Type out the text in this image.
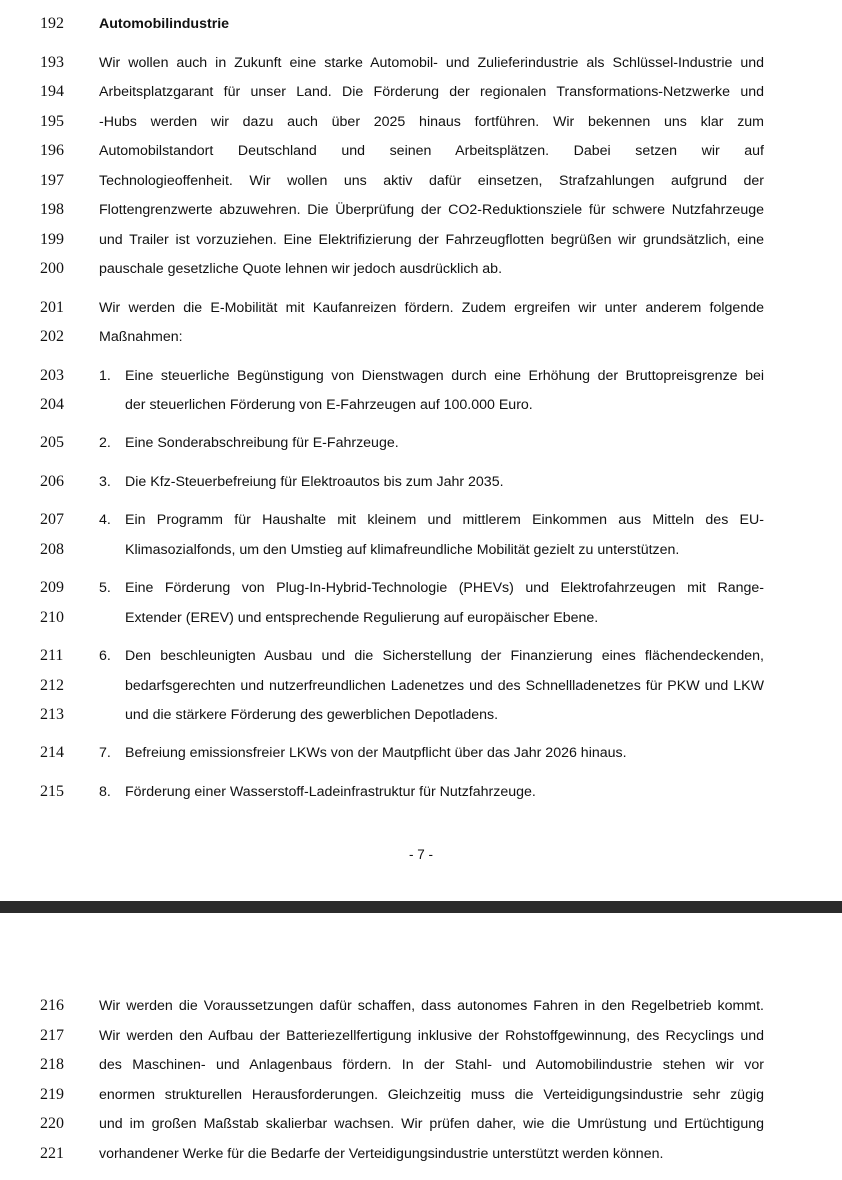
192	Automobilindustrie
193	Wir wollen auch in Zukunft eine starke Automobil- und Zulieferindustrie als Schlüssel-Industrie und
194	Arbeitsplatzgarant für unser Land. Die Förderung der regionalen Transformations-Netzwerke und
195	-Hubs werden wir dazu auch über 2025 hinaus fortführen. Wir bekennen uns klar zum
196	Automobilstandort Deutschland und seinen Arbeitsplätzen. Dabei setzen wir auf
197	Technologieoffenheit. Wir wollen uns aktiv dafür einsetzen, Strafzahlungen aufgrund der
198	Flottengrenzwerte abzuwehren. Die Überprüfung der CO2-Reduktionsziele für schwere Nutzfahrzeuge
199	und Trailer ist vorzuziehen. Eine Elektrifizierung der Fahrzeugflotten begrüßen wir grundsätzlich, eine
200	pauschale gesetzliche Quote lehnen wir jedoch ausdrücklich ab.
201	Wir werden die E-Mobilität mit Kaufanreizen fördern. Zudem ergreifen wir unter anderem folgende
202	Maßnahmen:
203	1. Eine steuerliche Begünstigung von Dienstwagen durch eine Erhöhung der Bruttopreisgrenze bei
204	der steuerlichen Förderung von E-Fahrzeugen auf 100.000 Euro.
205	2. Eine Sonderabschreibung für E-Fahrzeuge.
206	3. Die Kfz-Steuerbefreiung für Elektroautos bis zum Jahr 2035.
207	4. Ein Programm für Haushalte mit kleinem und mittlerem Einkommen aus Mitteln des EU-
208	Klimasozialfonds, um den Umstieg auf klimafreundliche Mobilität gezielt zu unterstützen.
209	5. Eine Förderung von Plug-In-Hybrid-Technologie (PHEVs) und Elektrofahrzeugen mit Range-
210	Extender (EREV) und entsprechende Regulierung auf europäischer Ebene.
211	6. Den beschleunigten Ausbau und die Sicherstellung der Finanzierung eines flächendeckenden,
212	bedarfsgerechten und nutzerfreundlichen Ladenetzes und des Schnellladenetzes für PKW und LKW
213	und die stärkere Förderung des gewerblichen Depotladens.
214	7. Befreiung emissionsfreier LKWs von der Mautpflicht über das Jahr 2026 hinaus.
215	8. Förderung einer Wasserstoff-Ladeinfrastruktur für Nutzfahrzeuge.
- 7 -
216	Wir werden die Voraussetzungen dafür schaffen, dass autonomes Fahren in den Regelbetrieb kommt.
217	Wir werden den Aufbau der Batteriezellfertigung inklusive der Rohstoffgewinnung, des Recyclings und
218	des Maschinen- und Anlagenbaus fördern. In der Stahl- und Automobilindustrie stehen wir vor
219	enormen strukturellen Herausforderungen. Gleichzeitig muss die Verteidigungsindustrie sehr zügig
220	und im großen Maßstab skalierbar wachsen. Wir prüfen daher, wie die Umrüstung und Ertüchtigung
221	vorhandener Werke für die Bedarfe der Verteidigungsindustrie unterstützt werden können.
